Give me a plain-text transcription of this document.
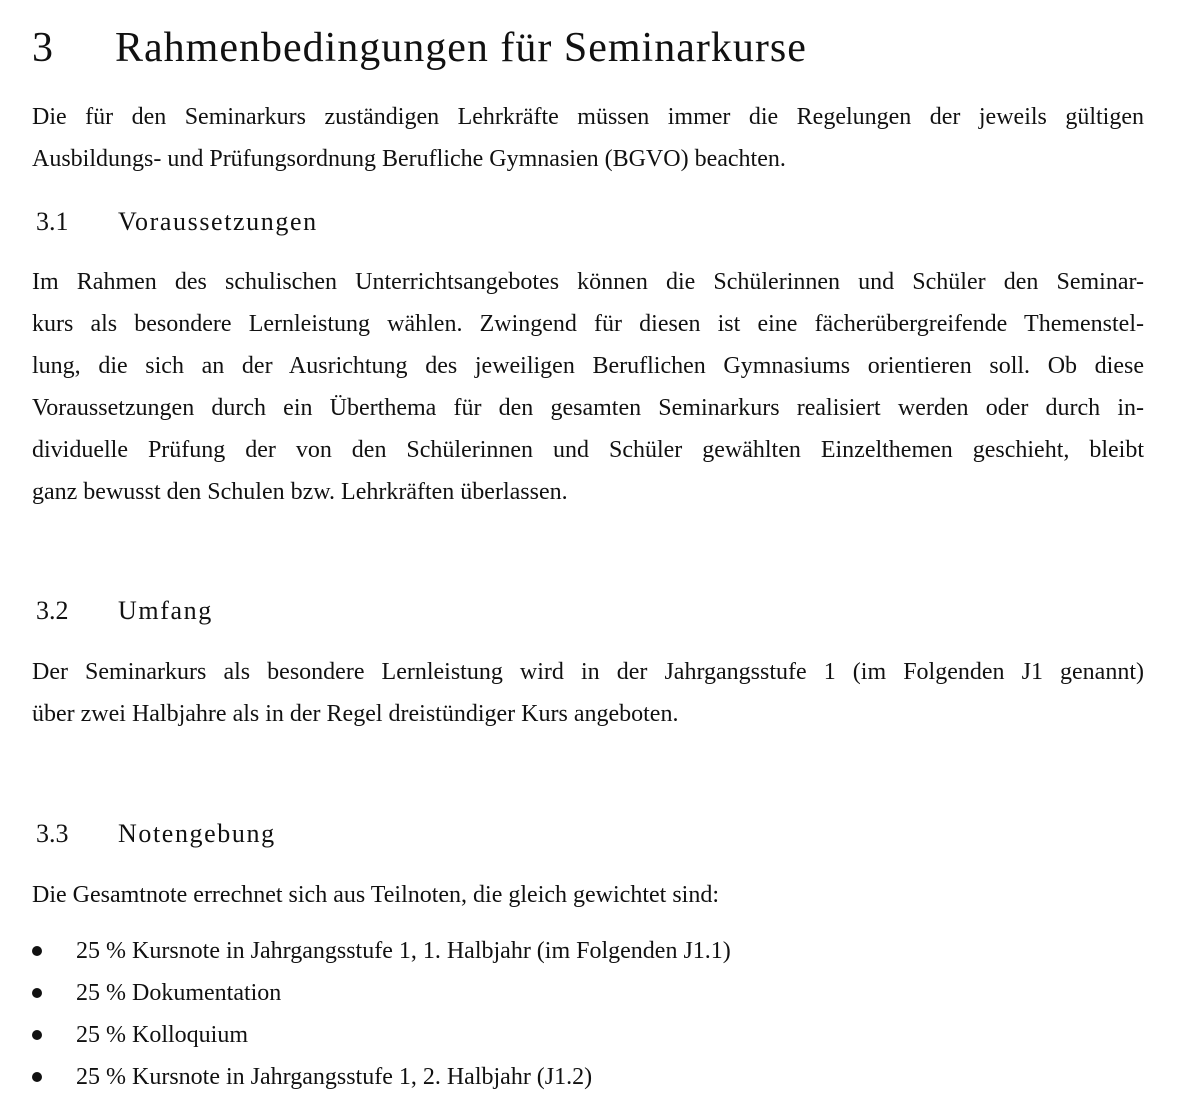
3 Rahmenbedingungen für Seminarkurse
Die für den Seminarkurs zuständigen Lehrkräfte müssen immer die Regelungen der jeweils gültigen
Ausbildungs- und Prüfungsordnung Berufliche Gymnasien (BGVO) beachten.
3.1 Voraussetzungen
Im Rahmen des schulischen Unterrichtsangebotes können die Schülerinnen und Schüler den Seminar-
kurs als besondere Lernleistung wählen. Zwingend für diesen ist eine fächerübergreifende Themenstel-
lung, die sich an der Ausrichtung des jeweiligen Beruflichen Gymnasiums orientieren soll. Ob diese
Voraussetzungen durch ein Überthema für den gesamten Seminarkurs realisiert werden oder durch in-
dividuelle Prüfung der von den Schülerinnen und Schüler gewählten Einzelthemen geschieht, bleibt
ganz bewusst den Schulen bzw. Lehrkräften überlassen.
3.2 Umfang
Der Seminarkurs als besondere Lernleistung wird in der Jahrgangsstufe 1 (im Folgenden J1 genannt)
über zwei Halbjahre als in der Regel dreistündiger Kurs angeboten.
3.3 Notengebung
Die Gesamtnote errechnet sich aus Teilnoten, die gleich gewichtet sind:
25 % Kursnote in Jahrgangsstufe 1, 1. Halbjahr (im Folgenden J1.1)
25 % Dokumentation
25 % Kolloquium
25 % Kursnote in Jahrgangsstufe 1, 2. Halbjahr (J1.2)
